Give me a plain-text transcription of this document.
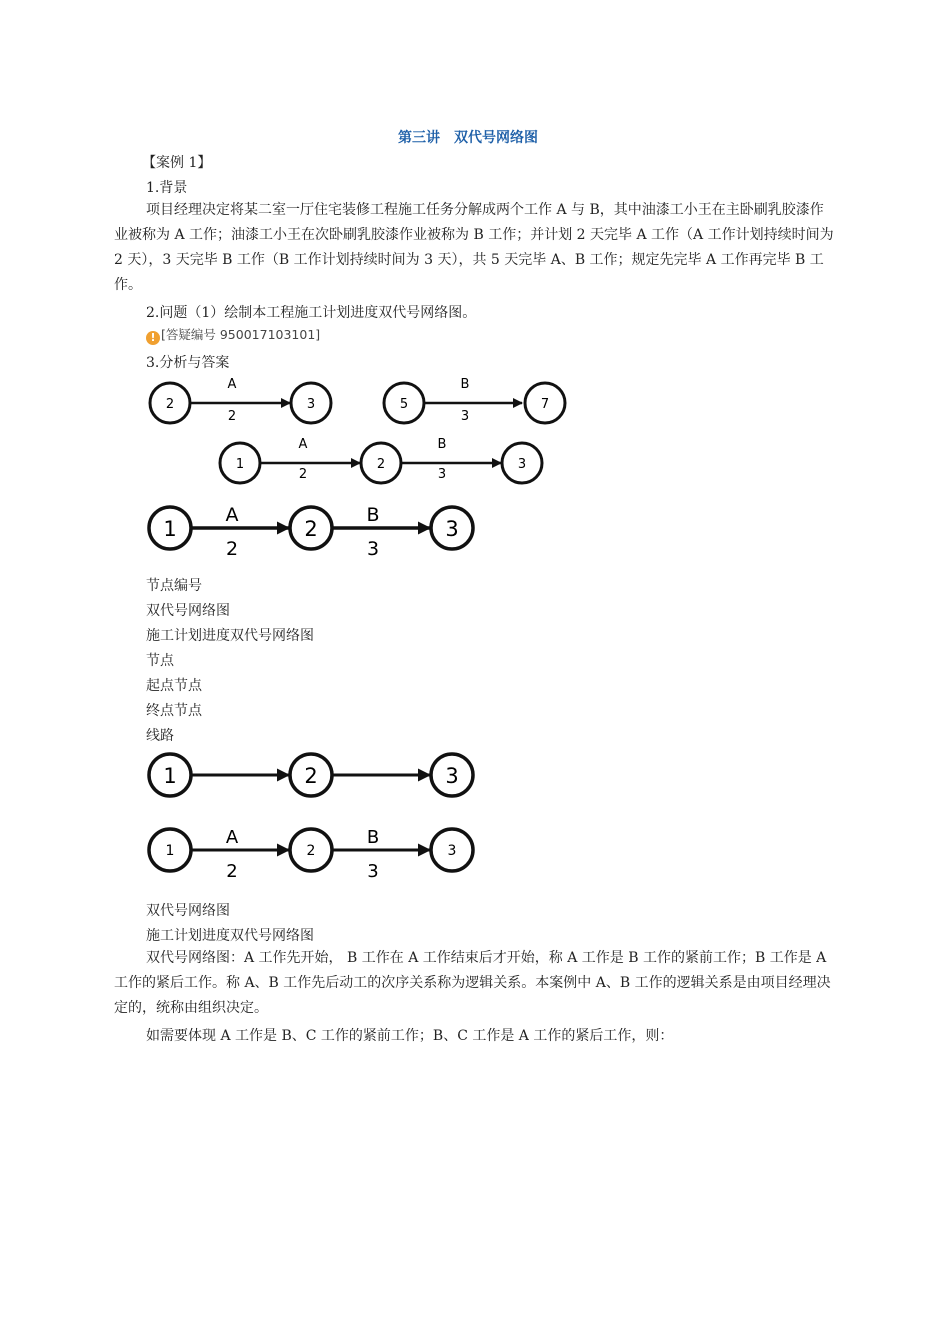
第三讲　双代号网络图
【案例 1】
1.背景
项目经理决定将某二室一厅住宅装修工程施工任务分解成两个工作 A 与 B，其中油漆工小王在主卧刷乳胶漆作业被称为 A 工作；油漆工小王在次卧刷乳胶漆作业被称为 B 工作；并计划 2 天完毕 A 工作（A 工作计划持续时间为 2 天），3 天完毕 B 工作（B 工作计划持续时间为 3 天），共 5 天完毕 A、B 工作；规定先完毕 A 工作再完毕 B 工作。
2.问题（1）绘制本工程施工计划进度双代号网络图。
! [答疑编号 950017103101]
3.分析与答案
2
A
2
3	5
B
3
7
1
A
2
2
B
3
3
1
A
2
2
B
3
3
节点编号
双代号网络图
施工计划进度双代号网络图
节点
起点节点
终点节点
线路
1	2	3
1
A
2
2
B
3
3
双代号网络图
施工计划进度双代号网络图
双代号网络图：A 工作先开始， B 工作在 A 工作结束后才开始，称 A 工作是 B 工作的紧前工作；B 工作是 A 工作的紧后工作。称 A、B 工作先后动工的次序关系称为逻辑关系。本案例中 A、B 工作的逻辑关系是由项目经理决定的，统称由组织决定。
如需要体现 A 工作是 B、C 工作的紧前工作；B、C 工作是 A 工作的紧后工作，则：
